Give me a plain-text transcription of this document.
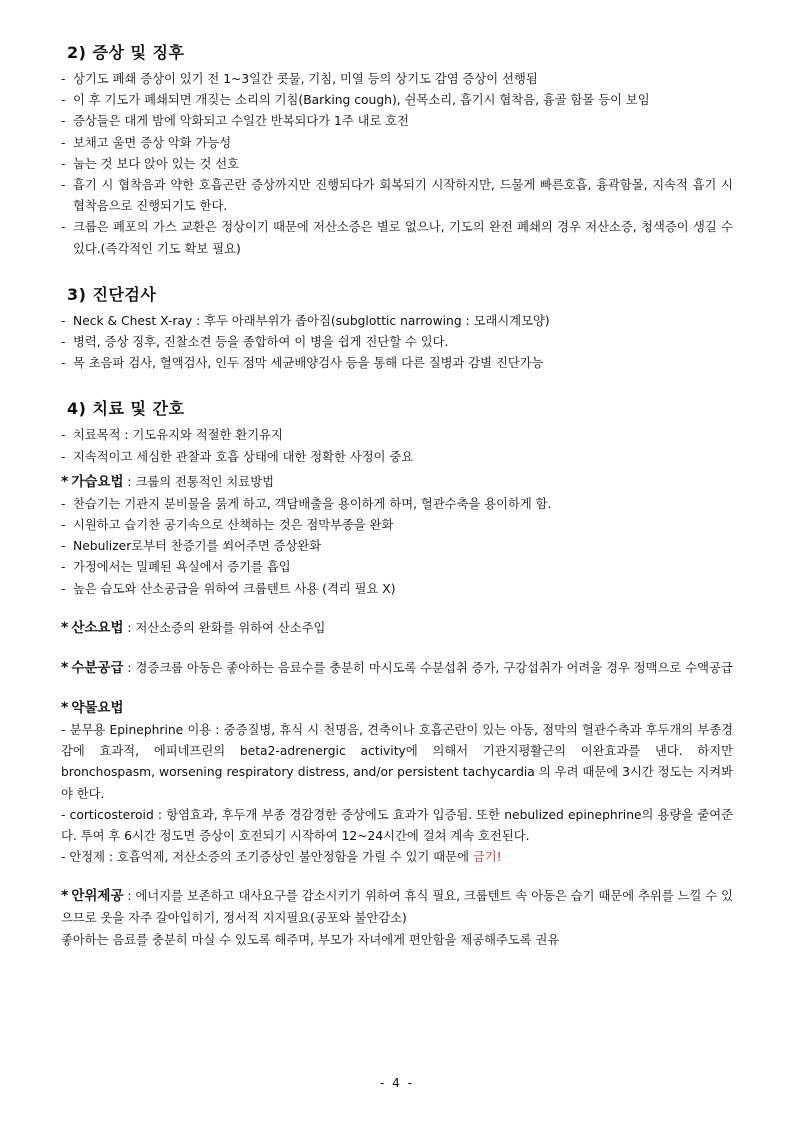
2) 증상 및 징후
- 상기도 폐쇄 증상이 있기 전 1~3일간 콧물, 기침, 미열 등의 상기도 감염 증상이 선행됨
- 이 후 기도가 폐쇄되면 개짖는 소리의 기침(Barking cough), 쉰목소리, 흡기시 협착음, 흉골 함몰 등이 보임
- 증상들은 대게 밤에 악화되고 수일간 반복되다가 1주 내로 호전
- 보채고 울면 증상 악화 가능성
- 눕는 것 보다 앉아 있는 것 선호
- 흡기 시 협착음과 약한 호흡곤란 증상까지만 진행되다가 회복되기 시작하지만, 드물게 빠른호흡, 흉곽함몰, 지속적 흡기 시 협착음으로 진행되기도 한다.
- 크룹은 폐포의 가스 교환은 정상이기 때문에 저산소증은 별로 없으나, 기도의 완전 폐쇄의 경우 저산소증, 청색증이 생길 수 있다.(즉각적인 기도 확보 필요)
3) 진단검사
- Neck & Chest X-ray : 후두 아래부위가 좁아짐(subglottic narrowing : 모래시계모양)
- 병력, 증상 징후, 진찰소견 등을 종합하여 이 병을 쉽게 진단할 수 있다.
- 목 초음파 검사, 혈액검사, 인두 점막 세균배양검사 등을 통해 다른 질병과 감별 진단가능
4) 치료 및 간호
- 치료목적 : 기도유지와 적절한 환기유지
- 지속적이고 세심한 관찰과 호흡 상태에 대한 정확한 사정이 중요
* 가습요법 : 크룹의 전통적인 치료방법
- 찬습기는 기관지 분비물을 묽게 하고, 객담배출을 용이하게 하며, 혈관수축을 용이하게 함.
- 시원하고 습기찬 공기속으로 산책하는 것은 점막부종을 완화
- Nebulizer로부터 찬증기를 쐬어주면 증상완화
- 가정에서는 밀폐된 욕실에서 증기를 흡입
- 높은 습도와 산소공급을 위하여 크룹텐트 사용 (격리 필요 X)
* 산소요법 : 저산소증의 완화를 위하여 산소주입
* 수분공급 : 경증크룹 아동은 좋아하는 음료수를 충분히 마시도록 수분섭취 증가, 구강섭취가 어려울 경우 정맥으로 수액공급
* 약물요법
- 분무용 Epinephrine 이용 : 중증질병, 휴식 시 천명음, 견축이나 호흡곤란이 있는 아동, 점막의 혈관수축과 후두개의 부종경감에 효과적, 에피네프린의 beta2-adrenergic activity에 의해서 기관지평활근의 이완효과를 낸다. 하지만 bronchospasm, worsening respiratory distress, and/or persistent tachycardia 의 우려 때문에 3시간 정도는 지켜봐야 한다.
- corticosteroid : 항염효과, 후두개 부종 경감경한 증상에도 효과가 입증됨. 또한 nebulized epinephrine의 용량을 줄여준다. 투여 후 6시간 정도면 증상이 호전되기 시작하여 12~24시간에 걸쳐 계속 호전된다.
- 안정제 : 호흡억제, 저산소증의 조기증상인 불안정함을 가릴 수 있기 때문에 금기!
* 안위제공 : 에너지를 보존하고 대사요구를 감소시키기 위하여 휴식 필요, 크룹텐트 속 아동은 습기 때문에 추위를 느낄 수 있으므로 옷을 자주 갈아입히기, 정서적 지지필요(공포와 불안감소)
좋아하는 음료를 충분히 마실 수 있도록 해주며, 부모가 자녀에게 편안함을 제공해주도록 권유
- 4 -
